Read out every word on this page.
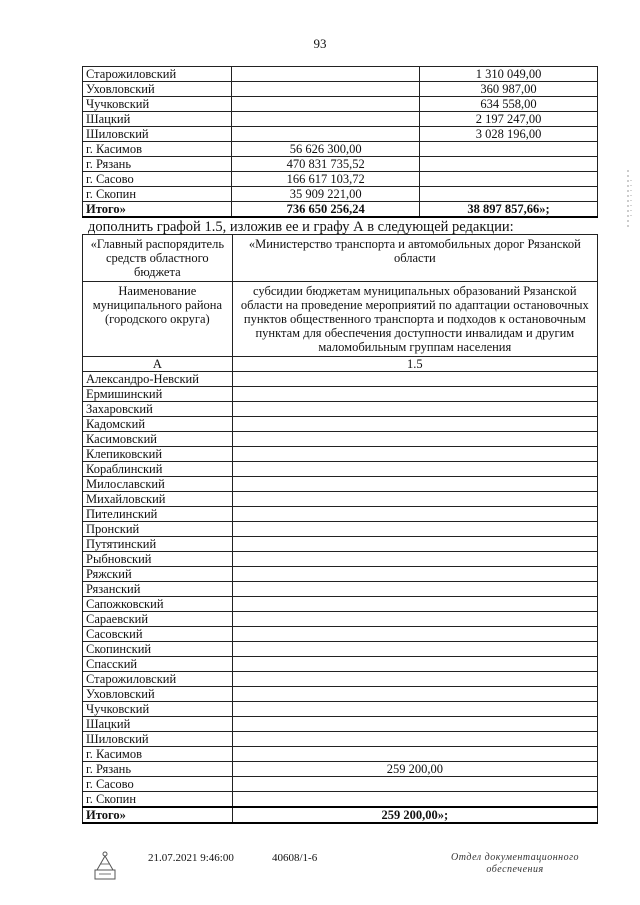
93
Старожиловский		1 310 049,00
Уховловский		360 987,00
Чучковский		634 558,00
Шацкий		2 197 247,00
Шиловский		3 028 196,00
г. Касимов	56 626 300,00	
г. Рязань	470 831 735,52	
г. Сасово	166 617 103,72	
г. Скопин	35 909 221,00	
Итого»	736 650 256,24	38 897 857,66»;
дополнить графой 1.5, изложив ее и графу А в следующей редакции:
«Главный распорядитель средств областного бюджета	«Министерство транспорта и автомобильных дорог Рязанской области
Наименование муниципального района (городского округа)	субсидии бюджетам муниципальных образований Рязанской области на проведение мероприятий по адаптации остановочных пунктов общественного транспорта и подходов к остановочным пунктам для обеспечения доступности инвалидам и другим маломобильным группам населения
А	1.5
Александро-Невский	
Ермишинский	
Захаровский	
Кадомский	
Касимовский	
Клепиковский	
Кораблинский	
Милославский	
Михайловский	
Пителинский	
Пронский	
Путятинский	
Рыбновский	
Ряжский	
Рязанский	
Сапожковский	
Сараевский	
Сасовский	
Скопинский	
Спасский	
Старожиловский	
Уховловский	
Чучковский	
Шацкий	
Шиловский	
г. Касимов	
г. Рязань	259 200,00
г. Сасово	
г. Скопин	
Итого»	259 200,00»;
21.07.2021 9:46:00	40608/1-6	Отдел документационного
обеспечения
